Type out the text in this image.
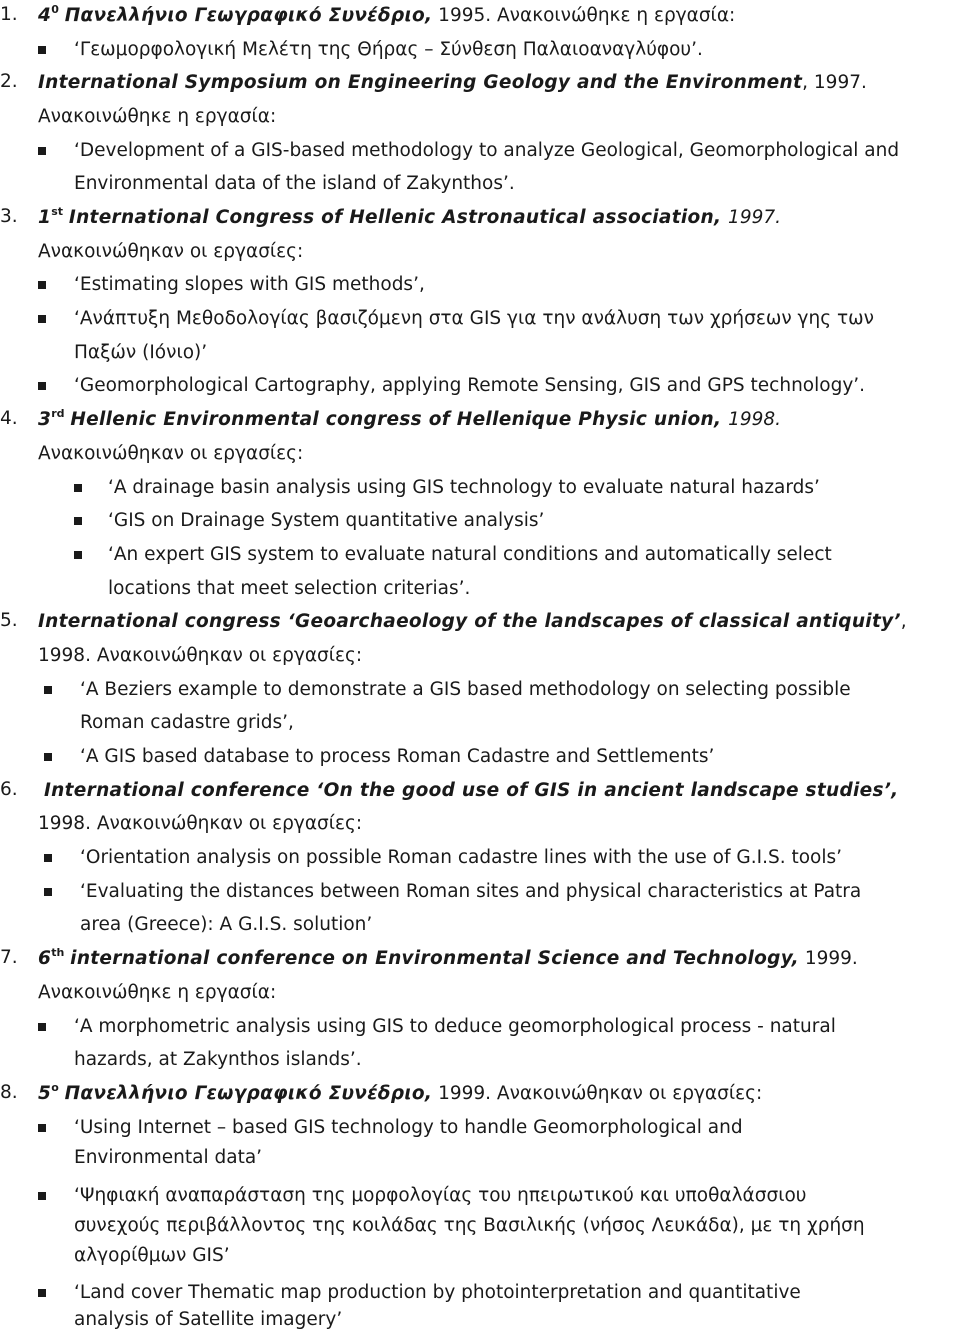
1.	$4^0$ Πανελλήνιο Γεωγραφικό Συνέδριο, 1995. Ανακοινώθηκε η εργασία:
‘Γεωμορφολογική Μελέτη της Θήρας – Σύνθεση Παλαιοαναγλύφου’.
2.	International Symposium on Engineering Geology and the Environment, 1997.
Ανακοινώθηκε η εργασία:
‘Development of a GIS-based methodology to analyze Geological, Geomorphological and
Environmental data of the island of Zakynthos’.
3.	1st International Congress of Hellenic Astronautical association, 1997.
Ανακοινώθηκαν οι εργασίες:
‘Estimating slopes with GIS methods’,
‘Ανάπτυξη Μεθοδολογίας βασιζόμενη στα GIS για την ανάλυση των χρήσεων γης των
Παξών (Ιόνιο)’
‘Geomorphological Cartography, applying Remote Sensing, GIS and GPS technology’.
4.	3rd Hellenic Environmental congress of Hellenique Physic union, 1998.
Ανακοινώθηκαν οι εργασίες:
‘A drainage basin analysis using GIS technology to evaluate natural hazards’
‘GIS on Drainage System quantitative analysis’
‘An expert GIS system to evaluate natural conditions and automatically select
locations that meet selection criterias’.
5.	International congress ‘Geoarchaeology of the landscapes of classical antiquity’,
1998. Ανακοινώθηκαν οι εργασίες:
‘A Beziers example to demonstrate a GIS based methodology on selecting possible
Roman cadastre grids’,
‘A GIS based database to process Roman Cadastre and Settlements’
6.	International conference ‘On the good use of GIS in ancient landscape studies’,
1998. Ανακοινώθηκαν οι εργασίες:
‘Orientation analysis on possible Roman cadastre lines with the use of G.I.S. tools’
‘Evaluating the distances between Roman sites and physical characteristics at Patra
area (Greece): A G.I.S. solution’
7.	6th international conference on Environmental Science and Technology, 1999.
Ανακοινώθηκε η εργασία:
‘A morphometric analysis using GIS to deduce geomorphological process - natural
hazards, at Zakynthos islands’.
8.	5$^o$ Πανελλήνιο Γεωγραφικό Συνέδριο, 1999. Ανακοινώθηκαν οι εργασίες:
‘Using Internet – based GIS technology to handle Geomorphological and
Environmental data’
‘Ψηφιακή αναπαράσταση της μορφολογίας του ηπειρωτικού και υποθαλάσσιου
συνεχούς περιβάλλοντος της κοιλάδας της Βασιλικής (νήσος Λευκάδα), με τη χρήση
αλγορίθμων GIS’
‘Land cover Thematic map production by photointerpretation and quantitative
analysis of Satellite imagery’
